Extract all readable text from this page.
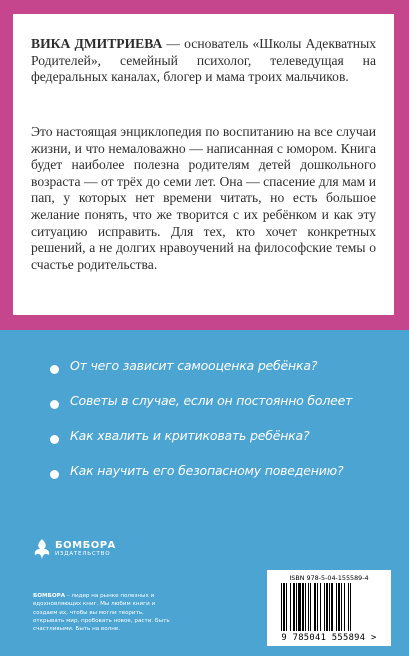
ВИКА ДМИТРИЕВА — основатель «Школы Адекватных Родителей», семейный психолог, телеведущая на федеральных каналах, блогер и мама троих мальчиков.

Это настоящая энциклопедия по воспитанию на все случаи жизни, и что немаловажно — написанная с юмором. Книга будет наиболее полезна родителям детей дошкольного возраста — от трёх до семи лет. Она — спасение для мам и пап, у которых нет времени читать, но есть большое желание понять, что же творится с их ребёнком и как эту ситуацию исправить. Для тех, кто хочет конкретных решений, а не долгих нравоучений на философские темы о счастье родительства.

От чего зависит самооценка ребёнка?
Советы в случае, если он постоянно болеет
Как хвалить и критиковать ребёнка?
Как научить его безопасному поведению?
БОМБОРА
ИЗДАТЕЛЬСТВО

БОМБОРА – лидер на рынке полезных и вдохновляющих книг. Мы любим книги и создаем их, чтобы вы могли творить, открывать мир, пробовать новое, расти. Быть счастливыми. Быть на волне.

ISBN 978-5-04-155589-4
9 785041 555894 >
